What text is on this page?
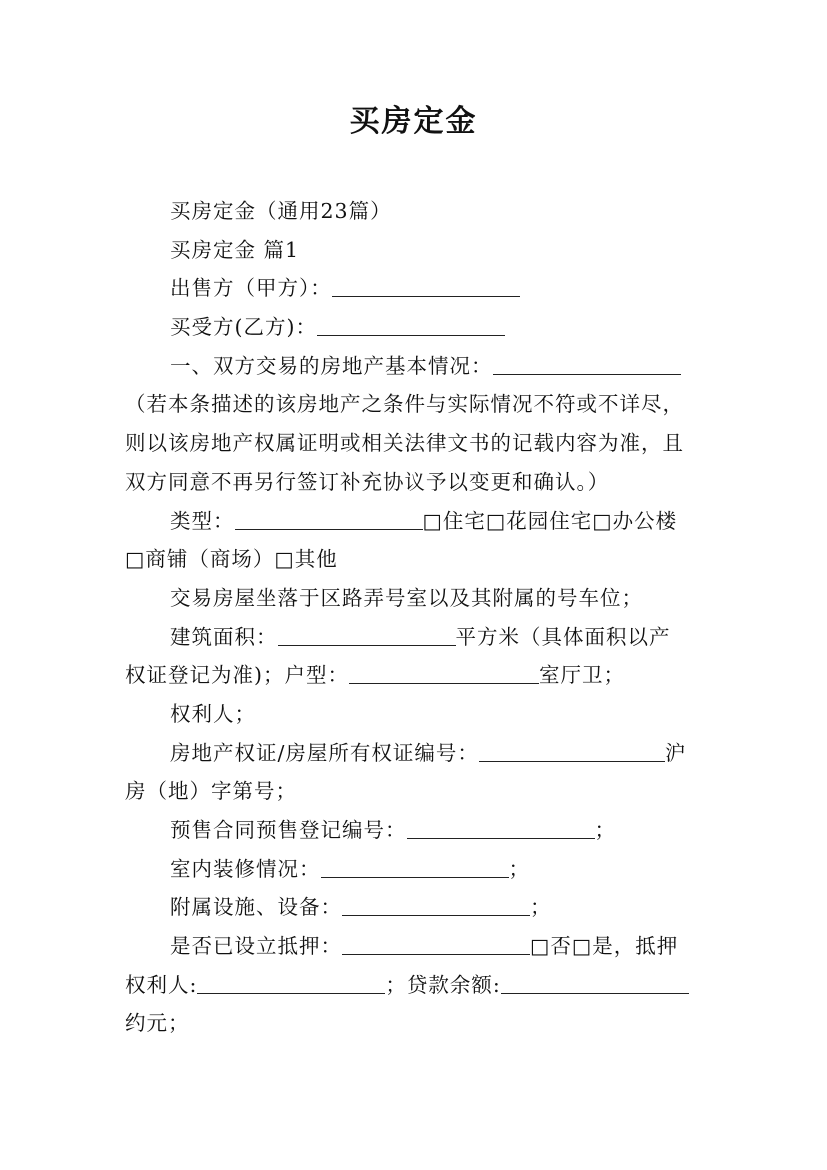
买房定金
买房定金（通用23篇）
买房定金 篇1
出售方（甲方）：
买受方(乙方)：
一、双方交易的房地产基本情况：
（若本条描述的该房地产之条件与实际情况不符或不详尽，
则以该房地产权属证明或相关法律文书的记载内容为准，且
双方同意不再另行签订补充协议予以变更和确认。）
类型：	□住宅□花园住宅□办公楼
□商铺（商场）□其他
交易房屋坐落于区路弄号室以及其附属的号车位；
建筑面积：	平方米（具体面积以产
权证登记为准)；户型：	室厅卫；
权利人；
房地产权证/房屋所有权证编号：	沪
房（地）字第号；
预售合同预售登记编号：	；
室内装修情况：	；
附属设施、设备：	；
是否已设立抵押：	□否□是，抵押
权利人:	；贷款余额:
约元；
